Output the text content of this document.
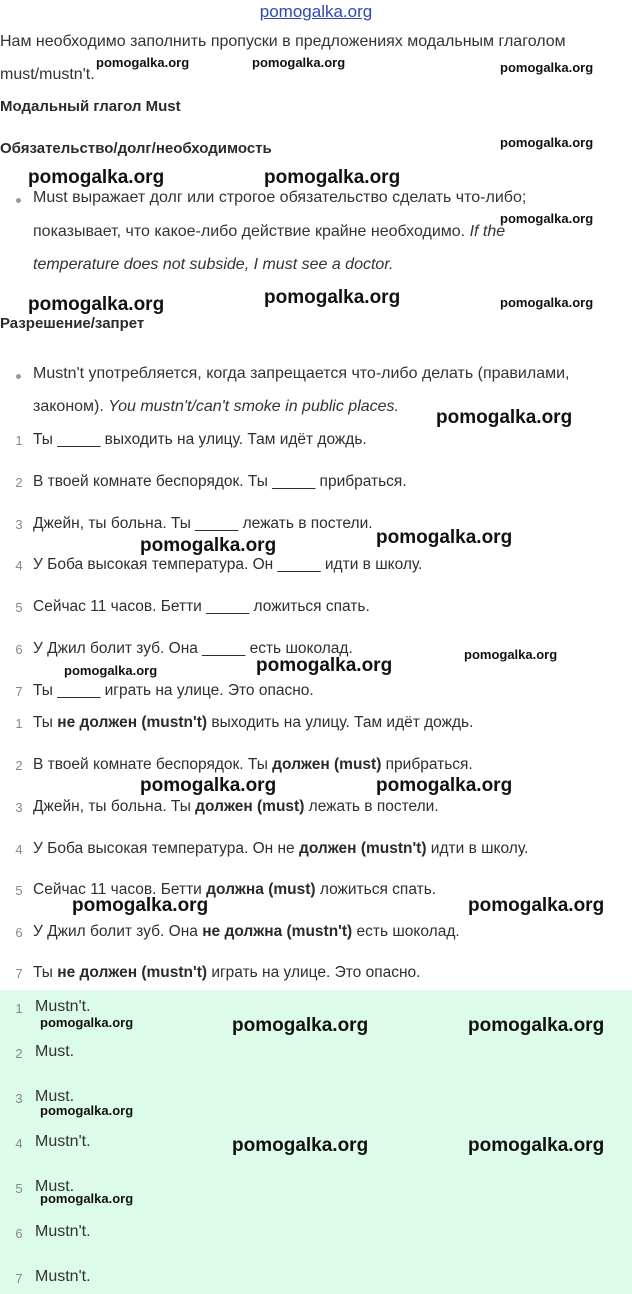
pomogalka.org
Нам необходимо заполнить пропуски в предложениях модальным глаголом
must/mustn't.
Модальный глагол Must
Обязательство/долг/необходимость
Must выражает долг или строгое обязательство сделать что-либо;
показывает, что какое-либо действие крайне необходимо. If the
temperature does not subside, I must see a doctor.
Разрешение/запрет
Mustn't употребляется, когда запрещается что-либо делать (правилами,
законом). You mustn't/can't smoke in public places.
1 Ты _____ выходить на улицу. Там идёт дождь.
2 В твоей комнате беспорядок. Ты _____ прибраться.
3 Джейн, ты больна. Ты _____ лежать в постели.
4 У Боба высокая температура. Он _____ идти в школу.
5 Сейчас 11 часов. Бетти _____ ложиться спать.
6 У Джил болит зуб. Она _____ есть шоколад.
7 Ты _____ играть на улице. Это опасно.
1 Ты не должен (mustn't) выходить на улицу. Там идёт дождь.
2 В твоей комнате беспорядок. Ты должен (must) прибраться.
3 Джейн, ты больна. Ты должен (must) лежать в постели.
4 У Боба высокая температура. Он не должен (mustn't) идти в школу.
5 Сейчас 11 часов. Бетти должна (must) ложиться спать.
6 У Джил болит зуб. Она не должна (mustn't) есть шоколад.
7 Ты не должен (mustn't) играть на улице. Это опасно.
1 Mustn't.
2 Must.
3 Must.
4 Mustn't.
5 Must.
6 Mustn't.
7 Mustn't.
pomogalka.org	pomogalka.org	pomogalka.org
pomogalka.org
pomogalka.org	pomogalka.org
pomogalka.org
pomogalka.org	pomogalka.org	pomogalka.org
pomogalka.org
pomogalka.org	pomogalka.org
pomogalka.org
pomogalka.org	pomogalka.org
pomogalka.org	pomogalka.org
pomogalka.org	pomogalka.org
pomogalka.org	pomogalka.org	pomogalka.org
pomogalka.org
pomogalka.org	pomogalka.org
pomogalka.org
